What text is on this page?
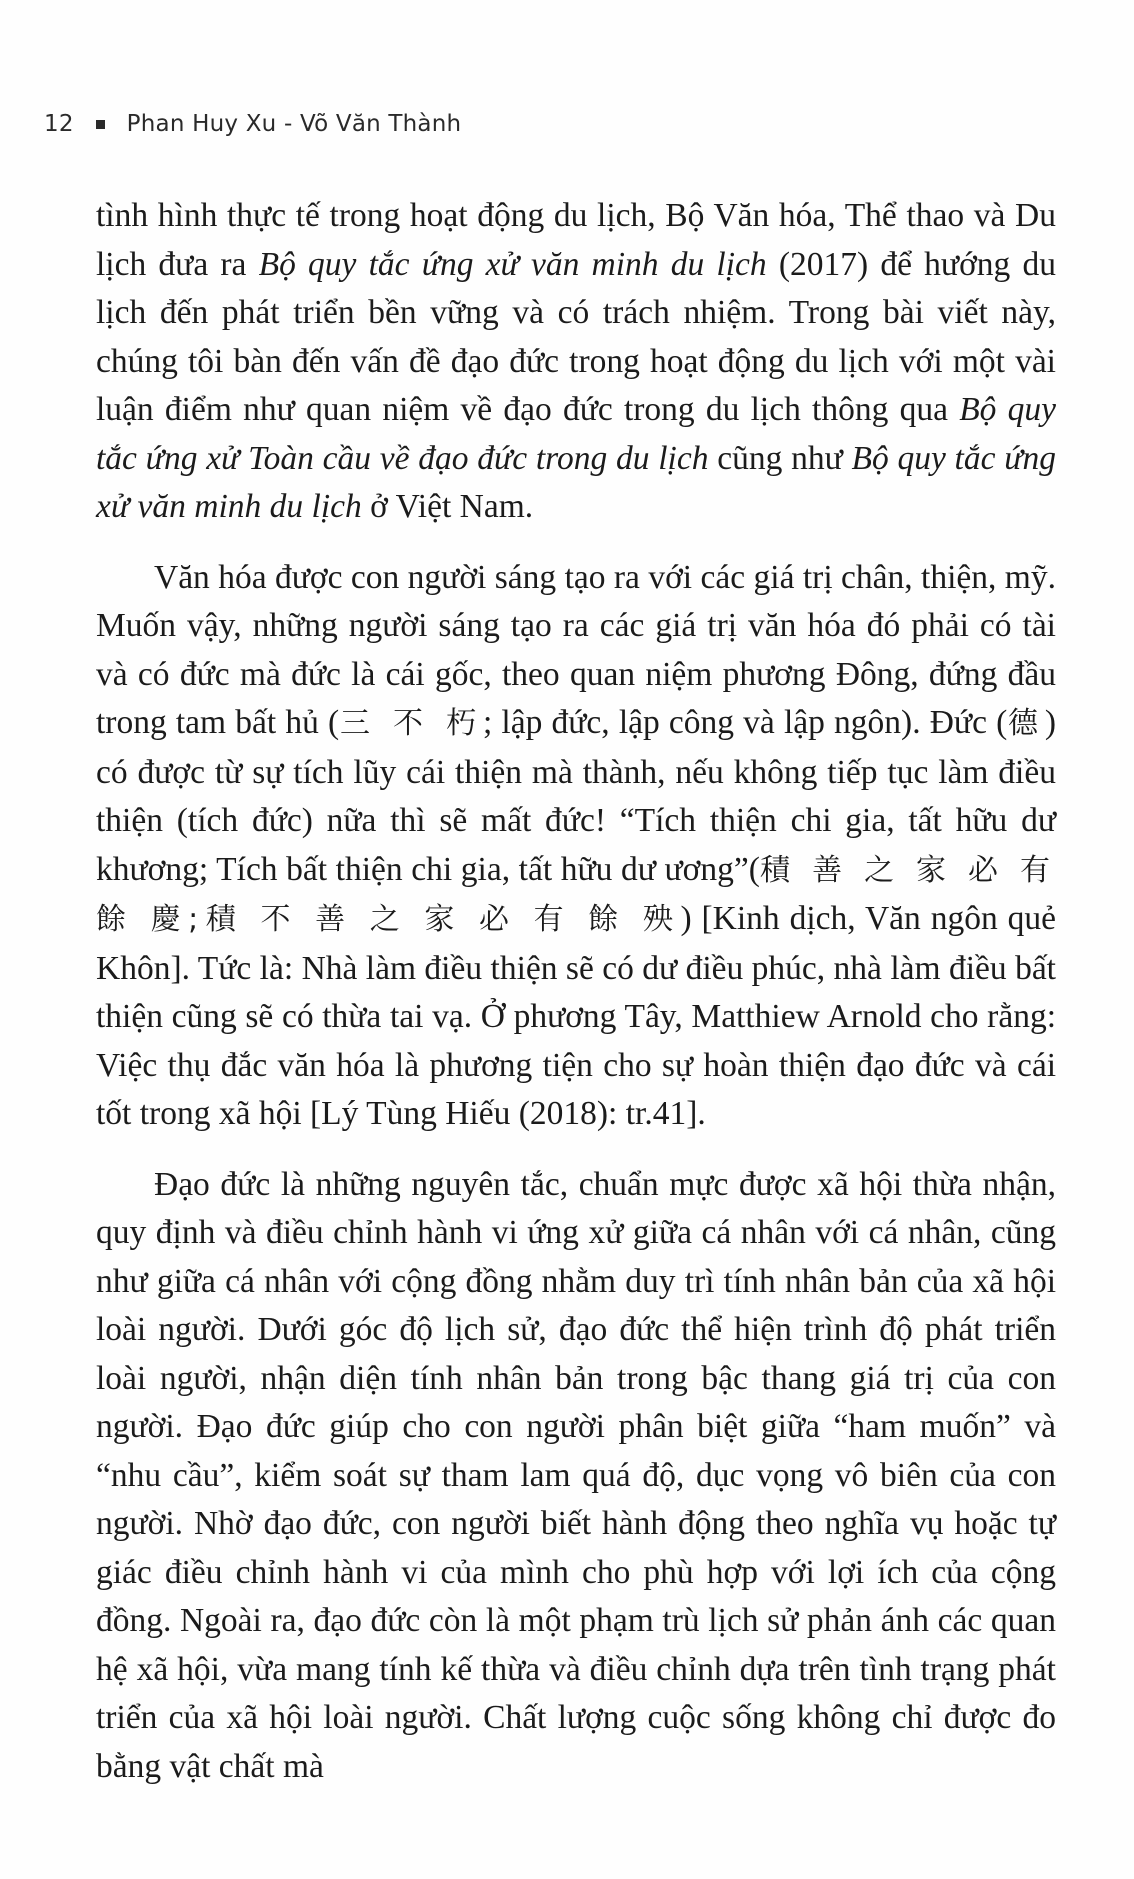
12 Phan Huy Xu - Võ Văn Thành

tình hình thực tế trong hoạt động du lịch, Bộ Văn hóa, Thể thao và Du lịch đưa ra Bộ quy tắc ứng xử văn minh du lịch (2017) để hướng du lịch đến phát triển bền vững và có trách nhiệm. Trong bài viết này, chúng tôi bàn đến vấn đề đạo đức trong hoạt động du lịch với một vài luận điểm như quan niệm về đạo đức trong du lịch thông qua Bộ quy tắc ứng xử Toàn cầu về đạo đức trong du lịch cũng như Bộ quy tắc ứng xử văn minh du lịch ở Việt Nam.

Văn hóa được con người sáng tạo ra với các giá trị chân, thiện, mỹ. Muốn vậy, những người sáng tạo ra các giá trị văn hóa đó phải có tài và có đức mà đức là cái gốc, theo quan niệm phương Đông, đứng đầu trong tam bất hủ (三 不 朽; lập đức, lập công và lập ngôn). Đức (德) có được từ sự tích lũy cái thiện mà thành, nếu không tiếp tục làm điều thiện (tích đức) nữa thì sẽ mất đức! “Tích thiện chi gia, tất hữu dư khương; Tích bất thiện chi gia, tất hữu dư ương”(積 善 之 家 必 有 餘 慶;積 不 善 之 家 必 有 餘 殃) [Kinh dịch, Văn ngôn quẻ Khôn]. Tức là: Nhà làm điều thiện sẽ có dư điều phúc, nhà làm điều bất thiện cũng sẽ có thừa tai vạ. Ở phương Tây, Matthiew Arnold cho rằng: Việc thụ đắc văn hóa là phương tiện cho sự hoàn thiện đạo đức và cái tốt trong xã hội [Lý Tùng Hiếu (2018): tr.41].

Đạo đức là những nguyên tắc, chuẩn mực được xã hội thừa nhận, quy định và điều chỉnh hành vi ứng xử giữa cá nhân với cá nhân, cũng như giữa cá nhân với cộng đồng nhằm duy trì tính nhân bản của xã hội loài người. Dưới góc độ lịch sử, đạo đức thể hiện trình độ phát triển loài người, nhận diện tính nhân bản trong bậc thang giá trị của con người. Đạo đức giúp cho con người phân biệt giữa “ham muốn” và “nhu cầu”, kiểm soát sự tham lam quá độ, dục vọng vô biên của con người. Nhờ đạo đức, con người biết hành động theo nghĩa vụ hoặc tự giác điều chỉnh hành vi của mình cho phù hợp với lợi ích của cộng đồng. Ngoài ra, đạo đức còn là một phạm trù lịch sử phản ánh các quan hệ xã hội, vừa mang tính kế thừa và điều chỉnh dựa trên tình trạng phát triển của xã hội loài người. Chất lượng cuộc sống không chỉ được đo bằng vật chất mà
